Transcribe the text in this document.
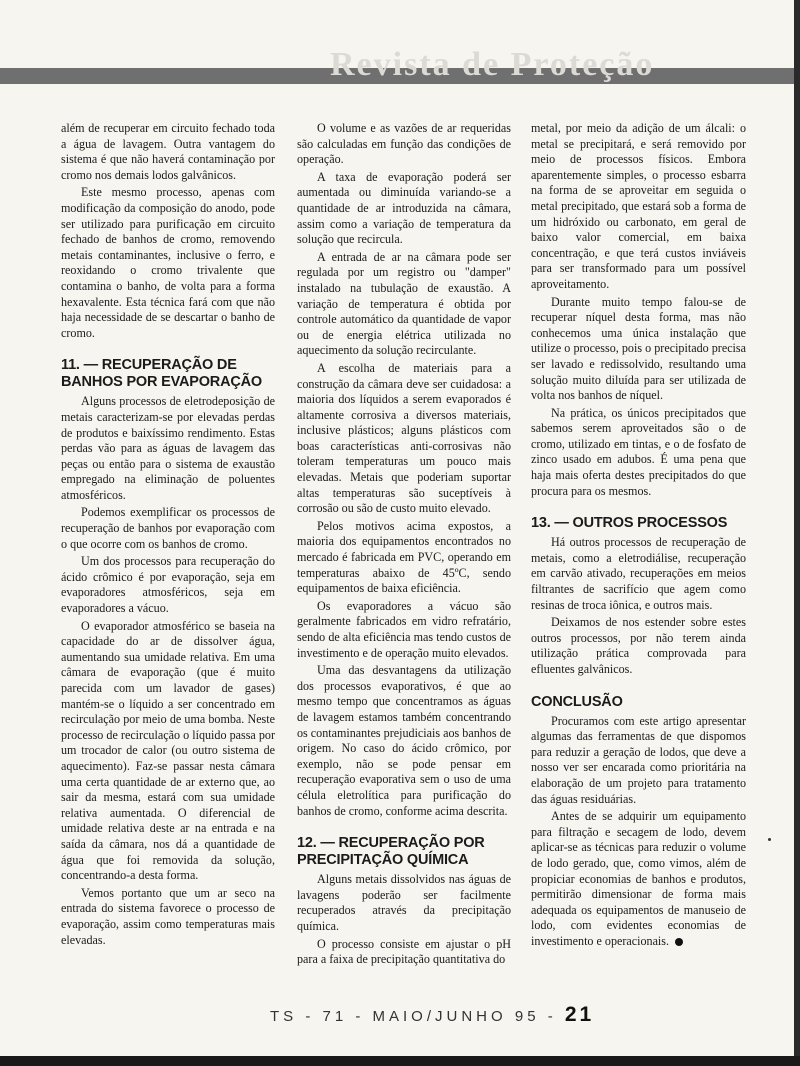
Revista de Proteção

além de recuperar em circuito fechado toda a água de lavagem. Outra vantagem do sistema é que não haverá contaminação por cromo nos demais lodos galvânicos.

Este mesmo processo, apenas com modificação da composição do anodo, pode ser utilizado para purificação em circuito fechado de banhos de cromo, removendo metais contaminantes, inclusive o ferro, e reoxidando o cromo trivalente que contamina o banho, de volta para a forma hexavalente. Esta técnica fará com que não haja necessidade de se descartar o banho de cromo.

11. — RECUPERAÇÃO DE BANHOS POR EVAPORAÇÃO

Alguns processos de eletrodeposição de metais caracterizam-se por elevadas perdas de produtos e baixíssimo rendimento. Estas perdas vão para as águas de lavagem das peças ou então para o sistema de exaustão empregado na eliminação de poluentes atmosféricos.

Podemos exemplificar os processos de recuperação de banhos por evaporação com o que ocorre com os banhos de cromo.

Um dos processos para recuperação do ácido crômico é por evaporação, seja em evaporadores atmosféricos, seja em evaporadores a vácuo.

O evaporador atmosférico se baseia na capacidade do ar de dissolver água, aumentando sua umidade relativa. Em uma câmara de evaporação (que é muito parecida com um lavador de gases) mantém-se o líquido a ser concentrado em recirculação por meio de uma bomba. Neste processo de recirculação o líquido passa por um trocador de calor (ou outro sistema de aquecimento). Faz-se passar nesta câmara uma certa quantidade de ar externo que, ao sair da mesma, estará com sua umidade relativa aumentada. O diferencial de umidade relativa deste ar na entrada e na saída da câmara, nos dá a quantidade de água que foi removida da solução, concentrando-a desta forma.

Vemos portanto que um ar seco na entrada do sistema favorece o processo de evaporação, assim como temperaturas mais elevadas.

O volume e as vazões de ar requeridas são calculadas em função das condições de operação.

A taxa de evaporação poderá ser aumentada ou diminuída variando-se a quantidade de ar introduzida na câmara, assim como a variação de temperatura da solução que recircula.

A entrada de ar na câmara pode ser regulada por um registro ou "damper" instalado na tubulação de exaustão. A variação de temperatura é obtida por controle automático da quantidade de vapor ou de energia elétrica utilizada no aquecimento da solução recirculante.

A escolha de materiais para a construção da câmara deve ser cuidadosa: a maioria dos líquidos a serem evaporados é altamente corrosiva a diversos materiais, inclusive plásticos; alguns plásticos com boas características anti-corrosivas não toleram temperaturas um pouco mais elevadas. Metais que poderiam suportar altas temperaturas são suceptíveis à corrosão ou são de custo muito elevado.

Pelos motivos acima expostos, a maioria dos equipamentos encontrados no mercado é fabricada em PVC, operando em temperaturas abaixo de 45ºC, sendo equipamentos de baixa eficiência.

Os evaporadores a vácuo são geralmente fabricados em vidro refratário, sendo de alta eficiência mas tendo custos de investimento e de operação muito elevados.

Uma das desvantagens da utilização dos processos evaporativos, é que ao mesmo tempo que concentramos as águas de lavagem estamos também concentrando os contaminantes prejudiciais aos banhos de origem. No caso do ácido crômico, por exemplo, não se pode pensar em recuperação evaporativa sem o uso de uma célula eletrolítica para purificação do banhos de cromo, conforme acima descrita.

12. — RECUPERAÇÃO POR PRECIPITAÇÃO QUÍMICA

Alguns metais dissolvidos nas águas de lavagens poderão ser facilmente recuperados através da precipitação química.

O processo consiste em ajustar o pH para a faixa de precipitação quantitativa do

metal, por meio da adição de um álcali: o metal se precipitará, e será removido por meio de processos físicos. Embora aparentemente simples, o processo esbarra na forma de se aproveitar em seguida o metal precipitado, que estará sob a forma de um hidróxido ou carbonato, em geral de baixo valor comercial, em baixa concentração, e que terá custos inviáveis para ser transformado para um possível aproveitamento.

Durante muito tempo falou-se de recuperar níquel desta forma, mas não conhecemos uma única instalação que utilize o processo, pois o precipitado precisa ser lavado e redissolvido, resultando uma solução muito diluída para ser utilizada de volta nos banhos de níquel.

Na prática, os únicos precipitados que sabemos serem aproveitados são o de cromo, utilizado em tintas, e o de fosfato de zinco usado em adubos. É uma pena que haja mais oferta destes precipitados do que procura para os mesmos.

13. — OUTROS PROCESSOS

Há outros processos de recuperação de metais, como a eletrodiálise, recuperação em carvão ativado, recuperações em meios filtrantes de sacrifício que agem como resinas de troca iônica, e outros mais.

Deixamos de nos estender sobre estes outros processos, por não terem ainda utilização prática comprovada para efluentes galvânicos.

CONCLUSÃO

Procuramos com este artigo apresentar algumas das ferramentas de que dispomos para reduzir a geração de lodos, que deve a nosso ver ser encarada como prioritária na elaboração de um projeto para tratamento das águas residuárias.

Antes de se adquirir um equipamento para filtração e secagem de lodo, devem aplicar-se as técnicas para reduzir o volume de lodo gerado, que, como vimos, além de propiciar economias de banhos e produtos, permitirão dimensionar de forma mais adequada os equipamentos de manuseio de lodo, com evidentes economias de investimento e operacionais.

TS - 71 - MAIO/JUNHO 95 - 21
